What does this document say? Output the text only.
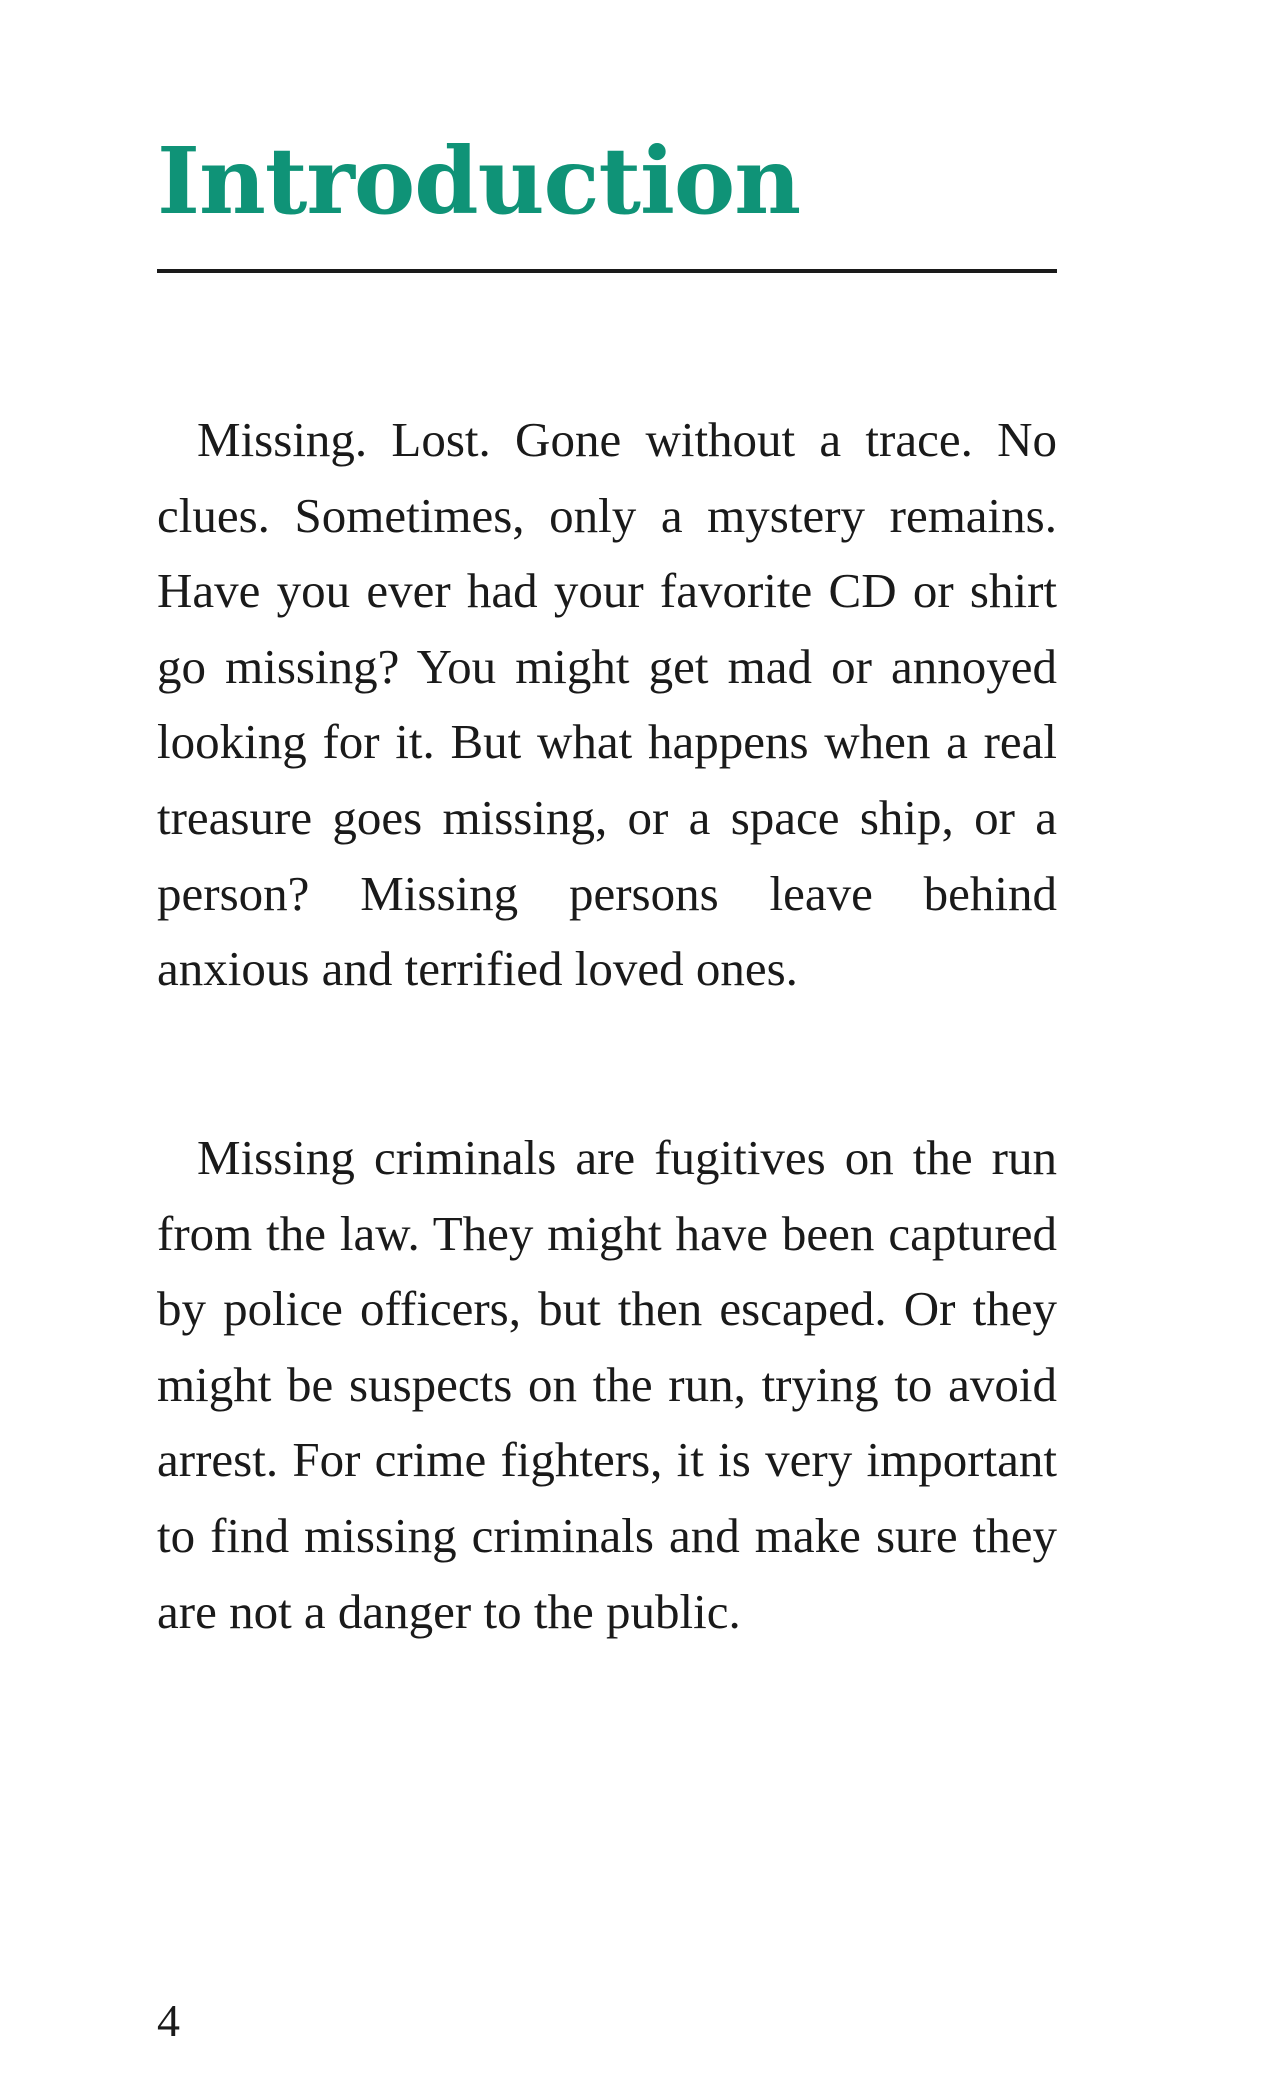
Introduction

Missing. Lost. Gone without a trace. No clues. Sometimes, only a mystery remains. Have you ever had your favorite CD or shirt go missing? You might get mad or annoyed looking for it. But what happens when a real treasure goes missing, or a space ship, or a person? Missing persons leave behind anxious and terrified loved ones.

Missing criminals are fugitives on the run from the law. They might have been captured by police officers, but then escaped. Or they might be suspects on the run, trying to avoid arrest. For crime fighters, it is very important to find missing criminals and make sure they are not a danger to the public.

4
